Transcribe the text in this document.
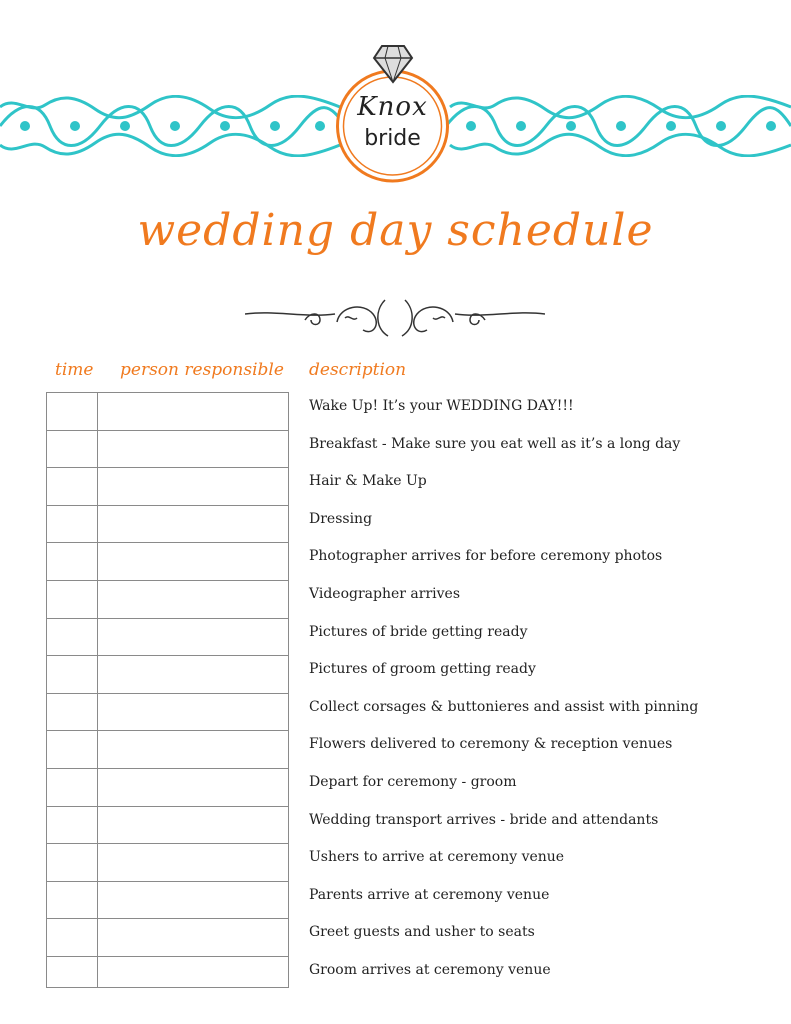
Knox
bride
wedding day schedule
time person responsible description
Wake Up! It’s your WEDDING DAY!!!
Breakfast - Make sure you eat well as it’s a long day
Hair & Make Up
Dressing
Photographer arrives for before ceremony photos
Videographer arrives
Pictures of bride getting ready
Pictures of groom getting ready
Collect corsages & buttonieres and assist with pinning
Flowers delivered to ceremony & reception venues
Depart for ceremony - groom
Wedding transport arrives - bride and attendants
Ushers to arrive at ceremony venue
Parents arrive at ceremony venue
Greet guests and usher to seats
Groom arrives at ceremony venue
